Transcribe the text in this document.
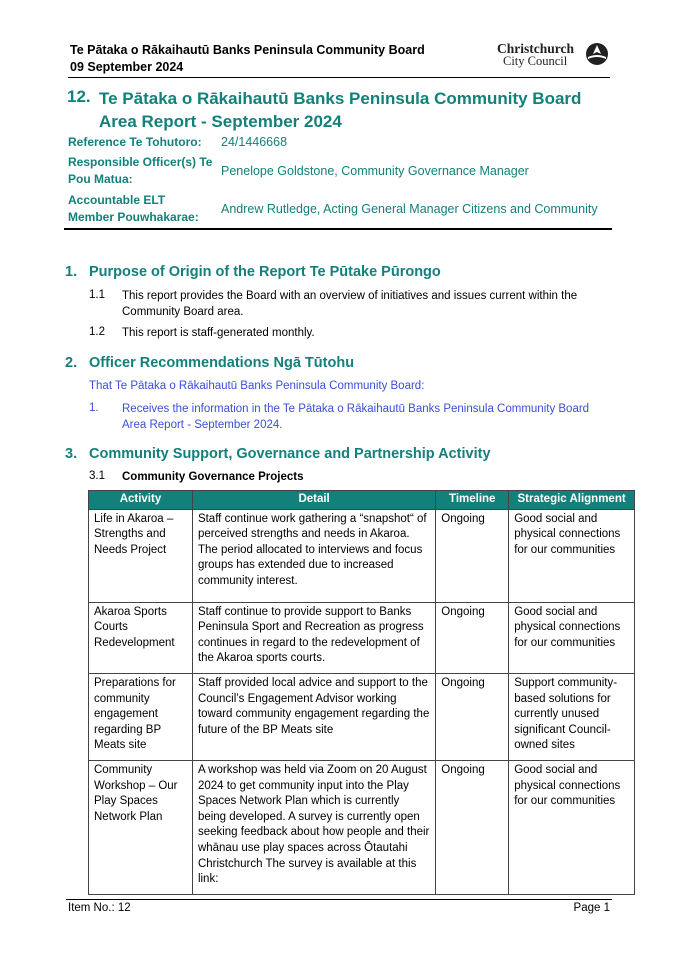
Te Pātaka o Rākaihautū Banks Peninsula Community Board
09 September 2024
Christchurch
City Council
12. Te Pātaka o Rākaihautū Banks Peninsula Community Board Area Report - September 2024
Reference Te Tohutoro:	24/1446668
Responsible Officer(s) Te Pou Matua:
Penelope Goldstone, Community Governance Manager
Accountable ELT Member Pouwhakarae:
Andrew Rutledge, Acting General Manager Citizens and Community
1. Purpose of Origin of the Report Te Pūtake Pūrongo
1.1 This report provides the Board with an overview of initiatives and issues current within the Community Board area.
1.2 This report is staff-generated monthly.
2. Officer Recommendations Ngā Tūtohu
That Te Pātaka o Rākaihautū Banks Peninsula Community Board:
1. Receives the information in the Te Pātaka o Rākaihautū Banks Peninsula Community Board Area Report - September 2024.
3. Community Support, Governance and Partnership Activity
3.1 Community Governance Projects
Activity	Detail	Timeline	Strategic Alignment
Life in Akaroa – Strengths and Needs Project	Staff continue work gathering a “snapshot“ of perceived strengths and needs in Akaroa. The period allocated to interviews and focus groups has extended due to increased community interest.	Ongoing	Good social and physical connections for our communities
Akaroa Sports Courts Redevelopment	Staff continue to provide support to Banks Peninsula Sport and Recreation as progress continues in regard to the redevelopment of the Akaroa sports courts.	Ongoing	Good social and physical connections for our communities
Preparations for community engagement regarding BP Meats site	Staff provided local advice and support to the Council’s Engagement Advisor working toward community engagement regarding the future of the BP Meats site	Ongoing	Support community-based solutions for currently unused significant Council-owned sites
Community Workshop – Our Play Spaces Network Plan	A workshop was held via Zoom on 20 August 2024 to get community input into the Play Spaces Network Plan which is currently being developed. A survey is currently open seeking feedback about how people and their whānau use play spaces across Ōtautahi Christchurch The survey is available at this link:	Ongoing	Good social and physical connections for our communities
Item No.: 12	Page 1
